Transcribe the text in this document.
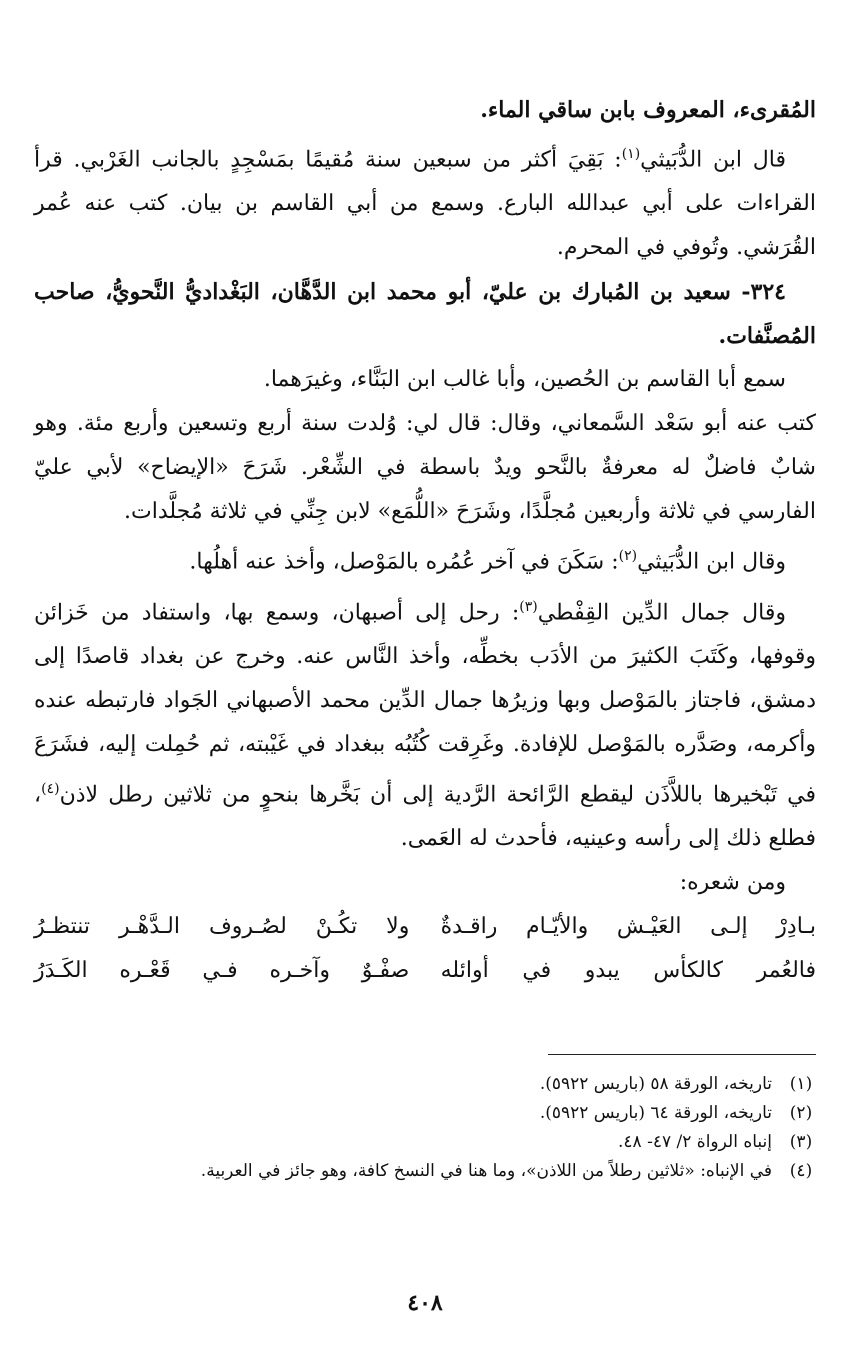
المُقرىء، المعروف بابن ساقي الماء.

قال ابن الدُّبَيثي$^{(١)}$: بَقِيَ أكثر من سبعين سنة مُقيمًا بمَسْجِدٍ بالجانب الغَرْبي. قرأ القراءات على أبي عبدالله البارع. وسمع من أبي القاسم بن بيان. كتب عنه عُمر القُرَشي. وتُوفي في المحرم.

٣٢٤- سعيد بن المُبارك بن عليّ، أبو محمد ابن الدَّهَّان، البَغْداديُّ النَّحويُّ، صاحب المُصنَّفات.

سمع أبا القاسم بن الحُصين، وأبا غالب ابن البَنَّاء، وغيرَهما.

كتب عنه أبو سَعْد السَّمعاني، وقال: قال لي: وُلدت سنة أربع وتسعين وأربع مئة. وهو شابٌ فاضلٌ له معرفةٌ بالنَّحو ويدٌ باسطة في الشِّعْر. شَرَحَ «الإيضاح» لأبي عليّ الفارسي في ثلاثة وأربعين مُجلَّدًا، وشَرَحَ «اللُّمَع» لابن جِنِّي في ثلاثة مُجلَّدات.

وقال ابن الدُّبَيثي$^{(٢)}$: سَكَنَ في آخر عُمُره بالمَوْصل، وأخذ عنه أهلُها.

وقال جمال الدِّين القِفْطي$^{(٣)}$: رحل إلى أصبهان، وسمع بها، واستفاد من خَزائن وقوفها، وكَتَبَ الكثيرَ من الأدَب بخطِّه، وأخذ النَّاس عنه. وخرج عن بغداد قاصدًا إلى دمشق، فاجتاز بالمَوْصل وبها وزيرُها جمال الدِّين محمد الأصبهاني الجَواد فارتبطه عنده وأكرمه، وصَدَّره بالمَوْصل للإفادة. وغَرِقت كُتُبُه ببغداد في غَيْبته، ثم حُمِلت إليه، فشَرَعَ في تَبْخيرها باللاَّذَن ليقطع الرَّائحة الرَّدية إلى أن بَخَّرها بنحوٍ من ثلاثين رطل لاذن$^{(٤)}$، فطلع ذلك إلى رأسه وعينيه، فأحدث له العَمى.

ومن شعره:

بـادِرْ إلـى العَيْـش والأيّـام راقـدةٌ
ولا تكُـنْ لصُـروف الـدَّهْـر تنتظـرُ
فالعُمر كالكأس يبدو في أوائله
صفْـوٌ وآخـره فـي قَعْـره الكَـدَرُ
(١)
تاريخه، الورقة ٥٨ (باريس ٥٩٢٢).
(٢)
تاريخه، الورقة ٦٤ (باريس ٥٩٢٢).
(٣)
إنباه الرواة ٢/ ٤٧- ٤٨.
(٤)
في الإنباه: «ثلاثين رطلاً من اللاذن»، وما هنا في النسخ كافة، وهو جائز في العربية.
٤٠٨
